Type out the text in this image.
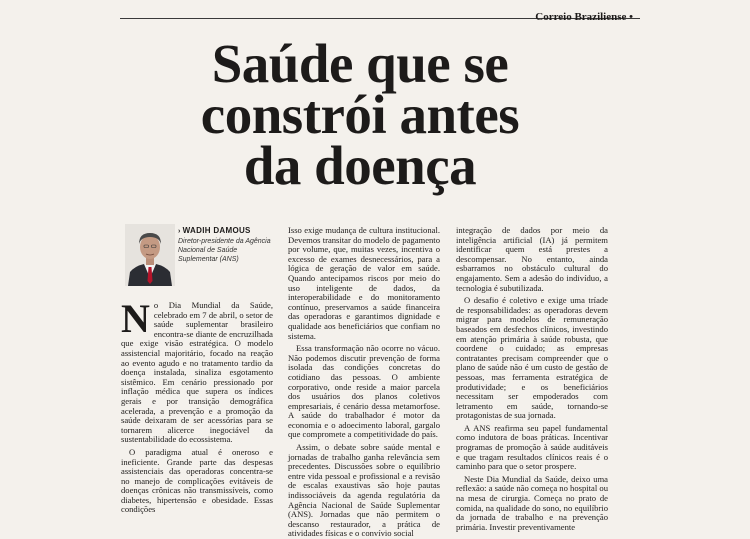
Correio Braziliense •
Saúde que se
constrói antes
da doença
› WADIH DAMOUS
Diretor-presidente da Agência Nacional de Saúde Suplementar (ANS)

No Dia Mundial da Saúde, celebrado em 7 de abril, o setor de saúde suplementar brasileiro encontra-se diante de encruzilhada que exige visão estratégica. O modelo assistencial majoritário, focado na reação ao evento agudo e no tratamento tardio da doença instalada, sinaliza esgotamento sistêmico. Em cenário pressionado por inflação médica que supera os índices gerais e por transição demográfica acelerada, a prevenção e a promoção da saúde deixaram de ser acessórias para se tornarem alicerce inegociável da sustentabilidade do ecossistema.

O paradigma atual é oneroso e ineficiente. Grande parte das despesas assistenciais das operadoras concentra-se no manejo de complicações evitáveis de doenças crônicas não transmissíveis, como diabetes, hipertensão e obesidade. Essas condições

Isso exige mudança de cultura institucional. Devemos transitar do modelo de pagamento por volume, que, muitas vezes, incentiva o excesso de exames desnecessários, para a lógica de geração de valor em saúde. Quando antecipamos riscos por meio do uso inteligente de dados, da interoperabilidade e do monitoramento contínuo, preservamos a saúde financeira das operadoras e garantimos dignidade e qualidade aos beneficiários que confiam no sistema.

Essa transformação não ocorre no vácuo. Não podemos discutir prevenção de forma isolada das condições concretas do cotidiano das pessoas. O ambiente corporativo, onde reside a maior parcela dos usuários dos planos coletivos empresariais, é cenário dessa metamorfose. A saúde do trabalhador é motor da economia e o adoecimento laboral, gargalo que compromete a competitividade do país.

Assim, o debate sobre saúde mental e jornadas de trabalho ganha relevância sem precedentes. Discussões sobre o equilíbrio entre vida pessoal e profissional e a revisão de escalas exaustivas são hoje pautas indissociáveis da agenda regulatória da Agência Nacional de Saúde Suplementar (ANS). Jornadas que não permitem o descanso restaurador, a prática de atividades físicas e o convívio social

integração de dados por meio da inteligência artificial (IA) já permitem identificar quem está prestes a descompensar. No entanto, ainda esbarramos no obstáculo cultural do engajamento. Sem a adesão do indivíduo, a tecnologia é subutilizada.

O desafio é coletivo e exige uma tríade de responsabilidades: as operadoras devem migrar para modelos de remuneração baseados em desfechos clínicos, investindo em atenção primária à saúde robusta, que coordene o cuidado; as empresas contratantes precisam compreender que o plano de saúde não é um custo de gestão de pessoas, mas ferramenta estratégica de produtividade; e os beneficiários necessitam ser empoderados com letramento em saúde, tornando-se protagonistas de sua jornada.

A ANS reafirma seu papel fundamental como indutora de boas práticas. Incentivar programas de promoção à saúde auditáveis e que tragam resultados clínicos reais é o caminho para que o setor prospere.

Neste Dia Mundial da Saúde, deixo uma reflexão: a saúde não começa no hospital ou na mesa de cirurgia. Começa no prato de comida, na qualidade do sono, no equilíbrio da jornada de trabalho e na prevenção primária. Investir preventivamente
